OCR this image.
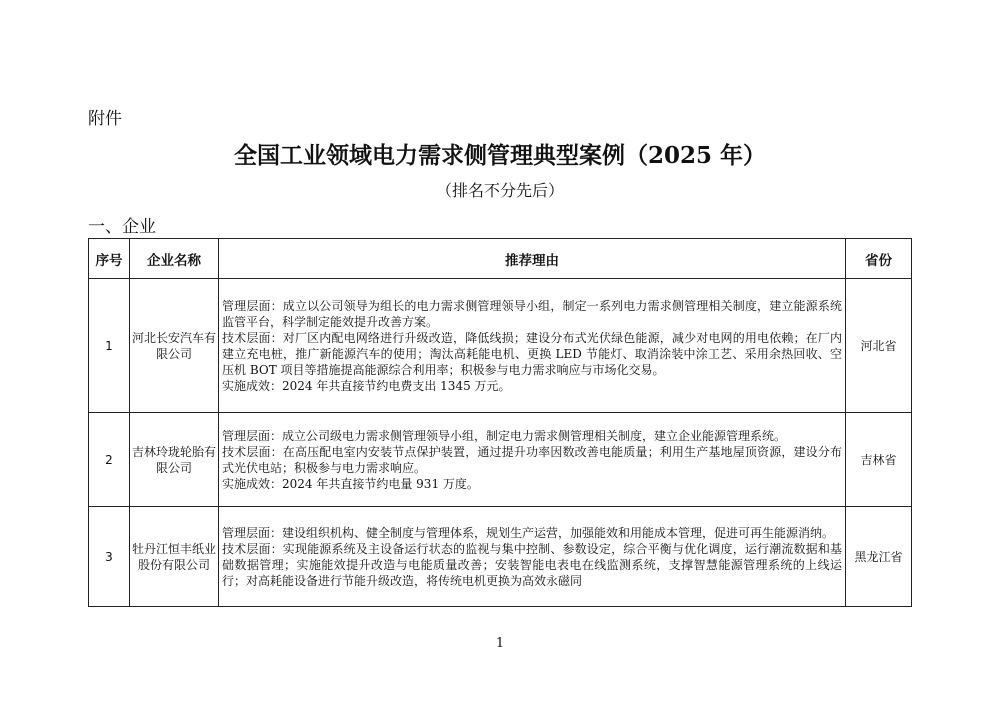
附件
全国工业领域电力需求侧管理典型案例（2025 年）
（排名不分先后）
一、企业
序号	企业名称	推荐理由	省份
1	河北长安汽车有限公司	管理层面：成立以公司领导为组长的电力需求侧管理领导小组，制定一系列电力需求侧管理相关制度，建立能源系统监管平台，科学制定能效提升改善方案。

技术层面：对厂区内配电网络进行升级改造，降低线损；建设分布式光伏绿色能源，减少对电网的用电依赖；在厂内建立充电桩，推广新能源汽车的使用；淘汰高耗能电机、更换 LED 节能灯、取消涂装中涂工艺、采用余热回收、空压机 BOT 项目等措施提高能源综合利用率；积极参与电力需求响应与市场化交易。

实施成效：2024 年共直接节约电费支出 1345 万元。	河北省
2	吉林玲珑轮胎有限公司	管理层面：成立公司级电力需求侧管理领导小组，制定电力需求侧管理相关制度，建立企业能源管理系统。

技术层面：在高压配电室内安装节点保护装置，通过提升功率因数改善电能质量；利用生产基地屋顶资源，建设分布式光伏电站；积极参与电力需求响应。

实施成效：2024 年共直接节约电量 931 万度。	吉林省
3	牡丹江恒丰纸业股份有限公司	管理层面：建设组织机构、健全制度与管理体系，规划生产运营，加强能效和用能成本管理，促进可再生能源消纳。

技术层面：实现能源系统及主设备运行状态的监视与集中控制、参数设定，综合平衡与优化调度，运行潮流数据和基础数据管理；实施能效提升改造与电能质量改善；安装智能电表电在线监测系统，支撑智慧能源管理系统的上线运行；对高耗能设备进行节能升级改造，将传统电机更换为高效永磁同	黑龙江省
1
